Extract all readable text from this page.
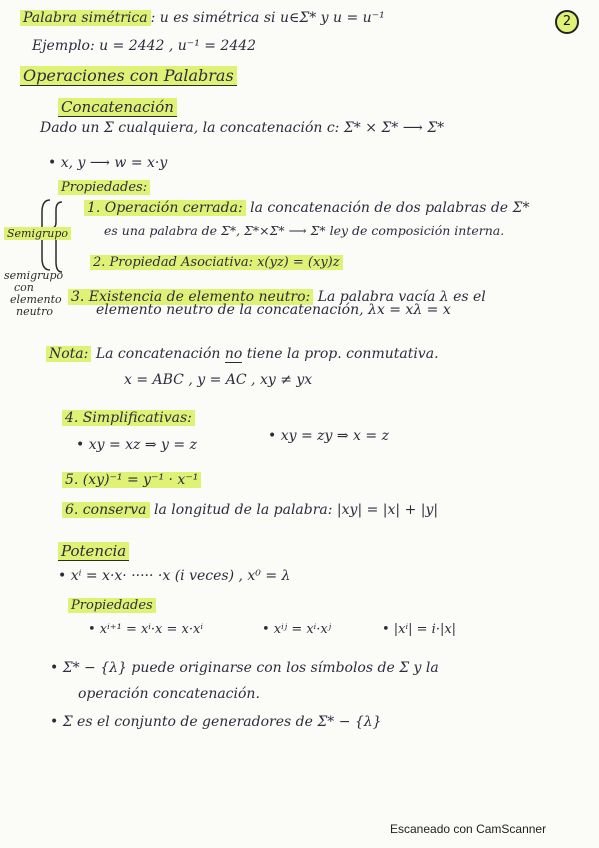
2
Palabra simétrica : u es simétrica si u∈Σ* y u = u⁻¹
Ejemplo: u = 2442 , u⁻¹ = 2442
Operaciones con Palabras
Concatenación
Dado un Σ cualquiera, la concatenación c: Σ* × Σ* ⟶ Σ*
• x, y ⟶ w = x·y
Propiedades:
Semigrupo
semigrupo
con
elemento
neutro
1. Operación cerrada: la concatenación de dos palabras de Σ*
es una palabra de Σ*, Σ*×Σ* ⟶ Σ* ley de composición interna.
2. Propiedad Asociativa: x(yz) = (xy)z
3. Existencia de elemento neutro: La palabra vacía λ es el
elemento neutro de la concatenación, λx = xλ = x
Nota: La concatenación no tiene la prop. conmutativa.
x = ABC , y = AC , xy ≠ yx
4. Simplificativas:
• xy = xz ⇒ y = z
• xy = zy ⇒ x = z
5. (xy)⁻¹ = y⁻¹ · x⁻¹
6. conserva la longitud de la palabra: |xy| = |x| + |y|
Potencia
• xⁱ = x·x· ····· ·x (i veces) , x⁰ = λ
Propiedades
• xⁱ⁺¹ = xⁱ·x = x·xⁱ	• xⁱʲ = xⁱ·xʲ	• |xⁱ| = i·|x|
• Σ* − {λ} puede originarse con los símbolos de Σ y la
operación concatenación.
• Σ es el conjunto de generadores de Σ* − {λ}
Escaneado con CamScanner
